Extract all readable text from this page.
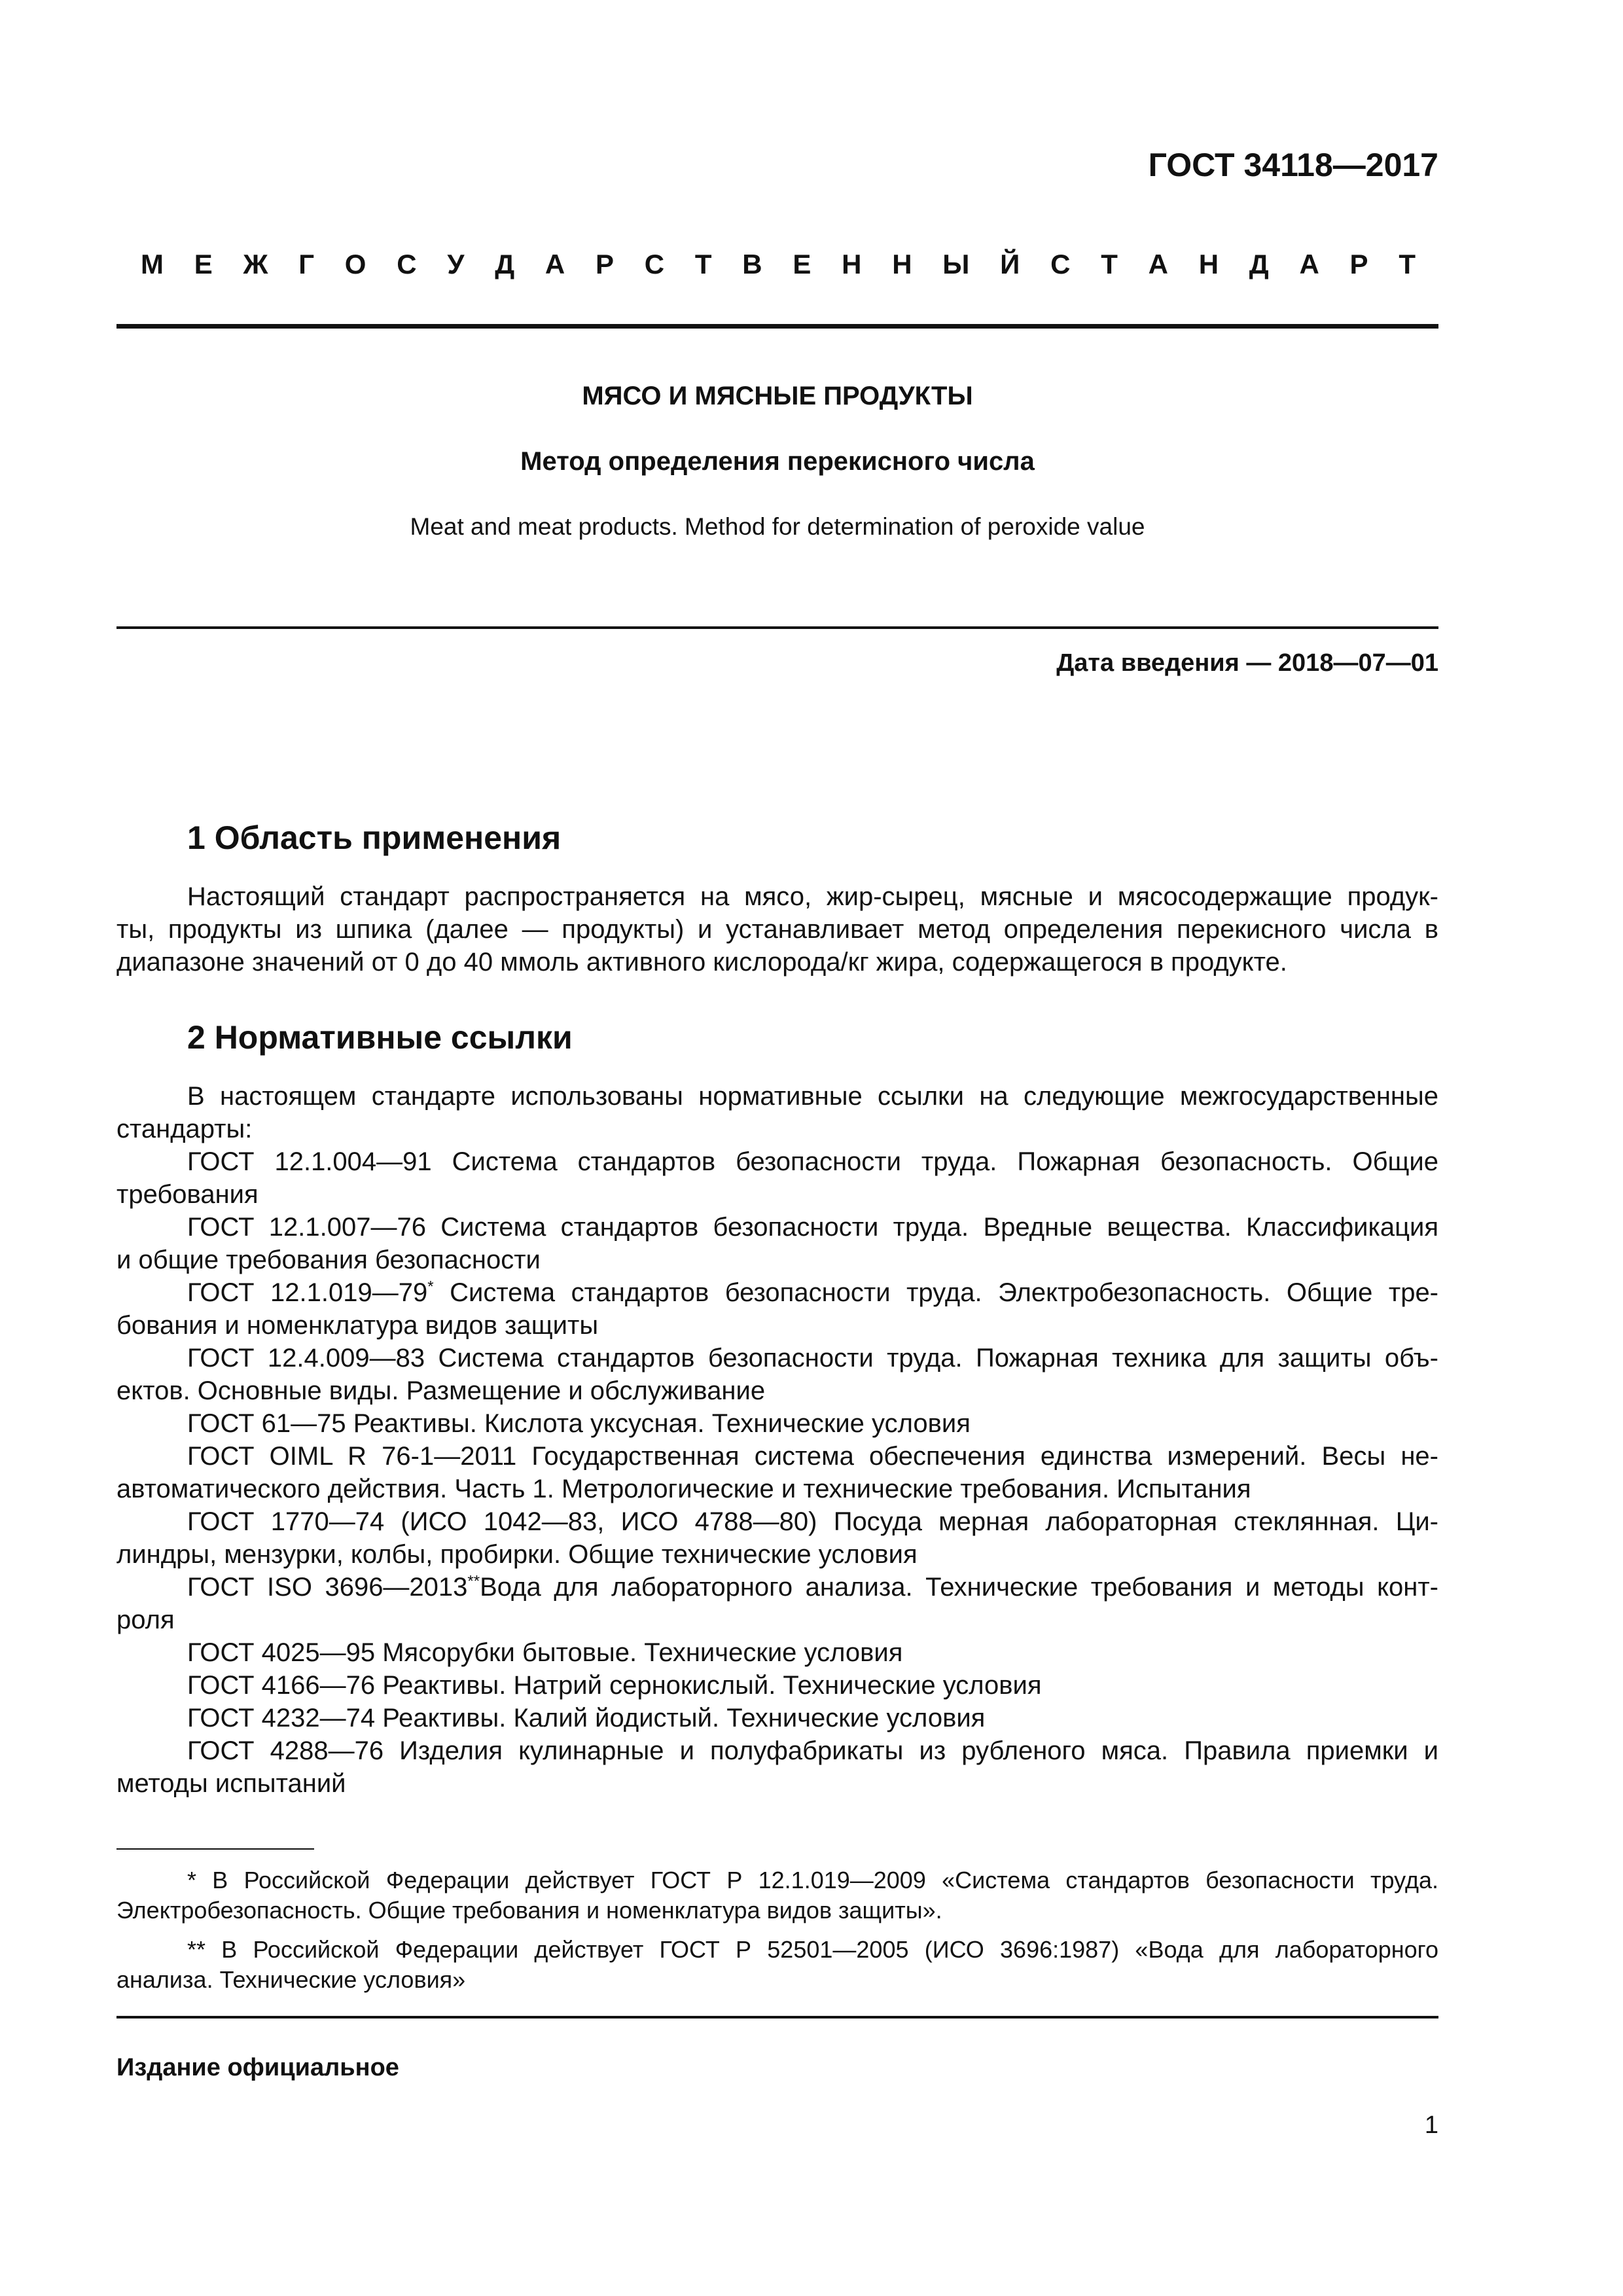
ГОСТ 34118—2017
М Е Ж Г О С У Д А Р С Т В Е Н Н Ы Й С Т А Н Д А Р Т
МЯСО И МЯСНЫЕ ПРОДУКТЫ
Метод определения перекисного числа
Meat and meat products. Method for determination of peroxide value
Дата введения — 2018—07—01
1 Область применения
Настоящий стандарт распространяется на мясо, жир-сырец, мясные и мясосодержащие продук-
ты, продукты из шпика (далее — продукты) и устанавливает метод определения перекисного числа в
диапазоне значений от 0 до 40 ммоль активного кислорода/кг жира, содержащегося в продукте.
2 Нормативные ссылки
В настоящем стандарте использованы нормативные ссылки на следующие межгосударственные
стандарты:
ГОСТ 12.1.004—91 Система стандартов безопасности труда. Пожарная безопасность. Общие
требования
ГОСТ 12.1.007—76 Система стандартов безопасности труда. Вредные вещества. Классификация
и общие требования безопасности
ГОСТ 12.1.019—79* Система стандартов безопасности труда. Электробезопасность. Общие тре-
бования и номенклатура видов защиты
ГОСТ 12.4.009—83 Система стандартов безопасности труда. Пожарная техника для защиты объ-
ектов. Основные виды. Размещение и обслуживание
ГОСТ 61—75 Реактивы. Кислота уксусная. Технические условия
ГОСТ OIML R 76-1—2011 Государственная система обеспечения единства измерений. Весы не-
автоматического действия. Часть 1. Метрологические и технические требования. Испытания
ГОСТ 1770—74 (ИСО 1042—83, ИСО 4788—80) Посуда мерная лабораторная стеклянная. Ци-
линдры, мензурки, колбы, пробирки. Общие технические условия
ГОСТ ISO 3696—2013**Вода для лабораторного анализа. Технические требования и методы конт-
роля
ГОСТ 4025—95 Мясорубки бытовые. Технические условия
ГОСТ 4166—76 Реактивы. Натрий сернокислый. Технические условия
ГОСТ 4232—74 Реактивы. Калий йодистый. Технические условия
ГОСТ 4288—76 Изделия кулинарные и полуфабрикаты из рубленого мяса. Правила приемки и
методы испытаний
* В Российской Федерации действует ГОСТ Р 12.1.019—2009 «Система стандартов безопасности труда.
Электробезопасность. Общие требования и номенклатура видов защиты».
** В Российской Федерации действует ГОСТ Р 52501—2005 (ИСО 3696:1987) «Вода для лабораторного
анализа. Технические условия»
Издание официальное
1
